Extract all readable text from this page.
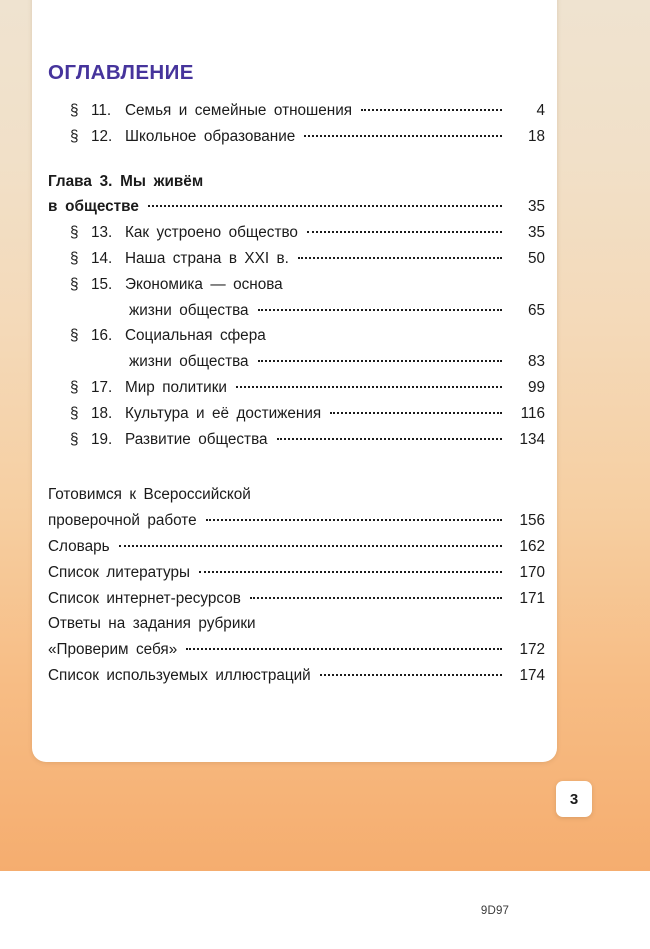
ОГЛАВЛЕНИЕ
§ 11. Семья и семейные отношения	4
§ 12. Школьное образование	18
Глава 3. Мы живём
в обществе	35
§ 13. Как устроено общество	35
§ 14. Наша страна в XXI в.	50
§ 15. Экономика — основа
жизни общества	65
§ 16. Социальная сфера
жизни общества	83
§ 17. Мир политики	99
§ 18. Культура и её достижения	116
§ 19. Развитие общества	134
Готовимся к Всероссийской
проверочной работе	156
Словарь	162
Список литературы	170
Список интернет-ресурсов	171
Ответы на задания рубрики
«Проверим себя»	172
Список используемых иллюстраций	174
3
9D97
